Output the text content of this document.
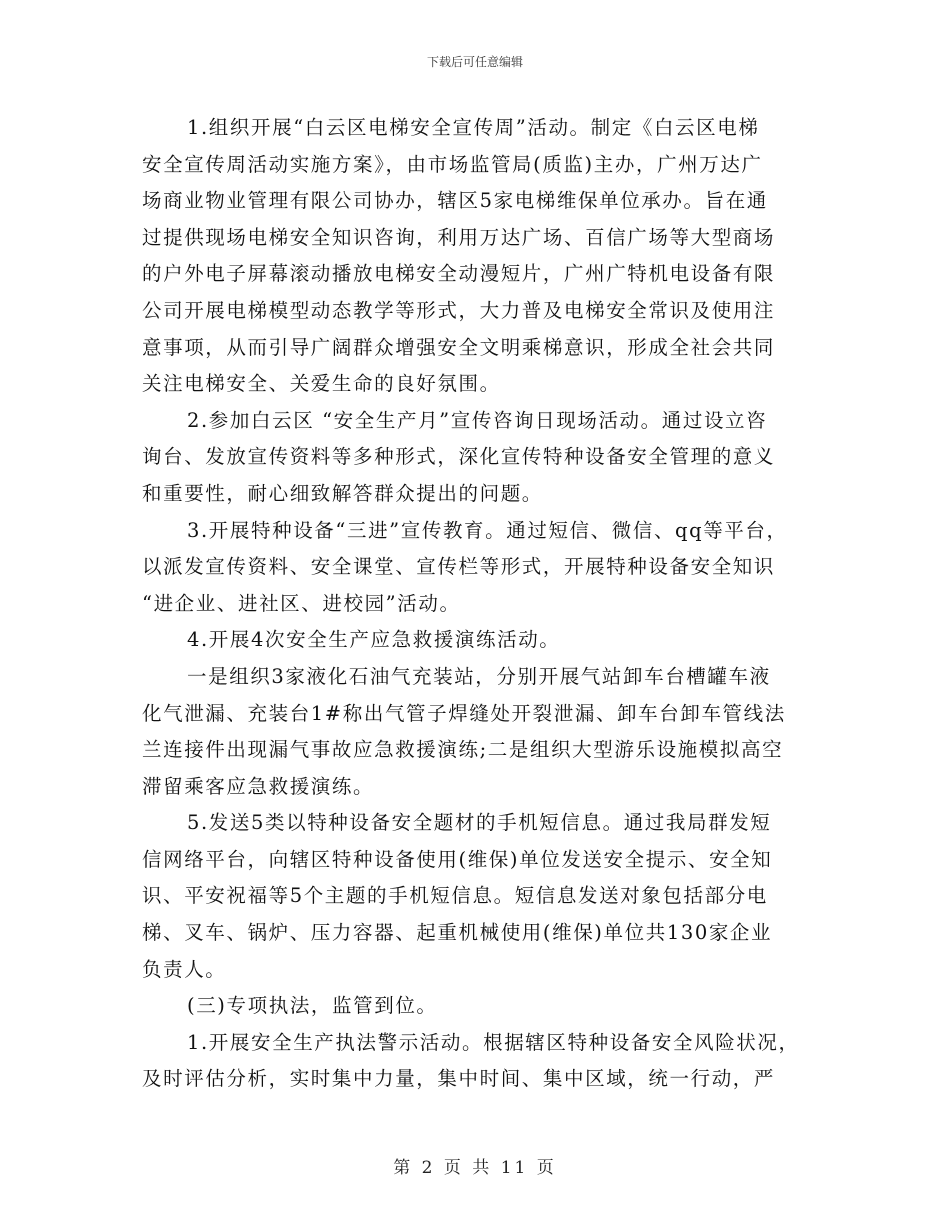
下载后可任意编辑
1.组织开展“白云区电梯安全宣传周”活动。制定《白云区电梯
安全宣传周活动实施方案》，由市场监管局(质监)主办，广州万达广
场商业物业管理有限公司协办，辖区5家电梯维保单位承办。旨在通
过提供现场电梯安全知识咨询，利用万达广场、百信广场等大型商场
的户外电子屏幕滚动播放电梯安全动漫短片，广州广特机电设备有限
公司开展电梯模型动态教学等形式，大力普及电梯安全常识及使用注
意事项，从而引导广阔群众增强安全文明乘梯意识，形成全社会共同
关注电梯安全、关爱生命的良好氛围。
2.参加白云区 “安全生产月”宣传咨询日现场活动。通过设立咨
询台、发放宣传资料等多种形式，深化宣传特种设备安全管理的意义
和重要性，耐心细致解答群众提出的问题。
3.开展特种设备“三进”宣传教育。通过短信、微信、qq等平台，
以派发宣传资料、安全课堂、宣传栏等形式，开展特种设备安全知识
“进企业、进社区、进校园”活动。
4.开展4次安全生产应急救援演练活动。
一是组织3家液化石油气充装站，分别开展气站卸车台槽罐车液
化气泄漏、充装台1#称出气管子焊缝处开裂泄漏、卸车台卸车管线法
兰连接件出现漏气事故应急救援演练;二是组织大型游乐设施模拟高空
滞留乘客应急救援演练。
5.发送5类以特种设备安全题材的手机短信息。通过我局群发短
信网络平台，向辖区特种设备使用(维保)单位发送安全提示、安全知
识、平安祝福等5个主题的手机短信息。短信息发送对象包括部分电
梯、叉车、锅炉、压力容器、起重机械使用(维保)单位共130家企业
负责人。
(三)专项执法，监管到位。
1.开展安全生产执法警示活动。根据辖区特种设备安全风险状况，
及时评估分析，实时集中力量，集中时间、集中区域，统一行动，严
第 2 页 共 11 页
